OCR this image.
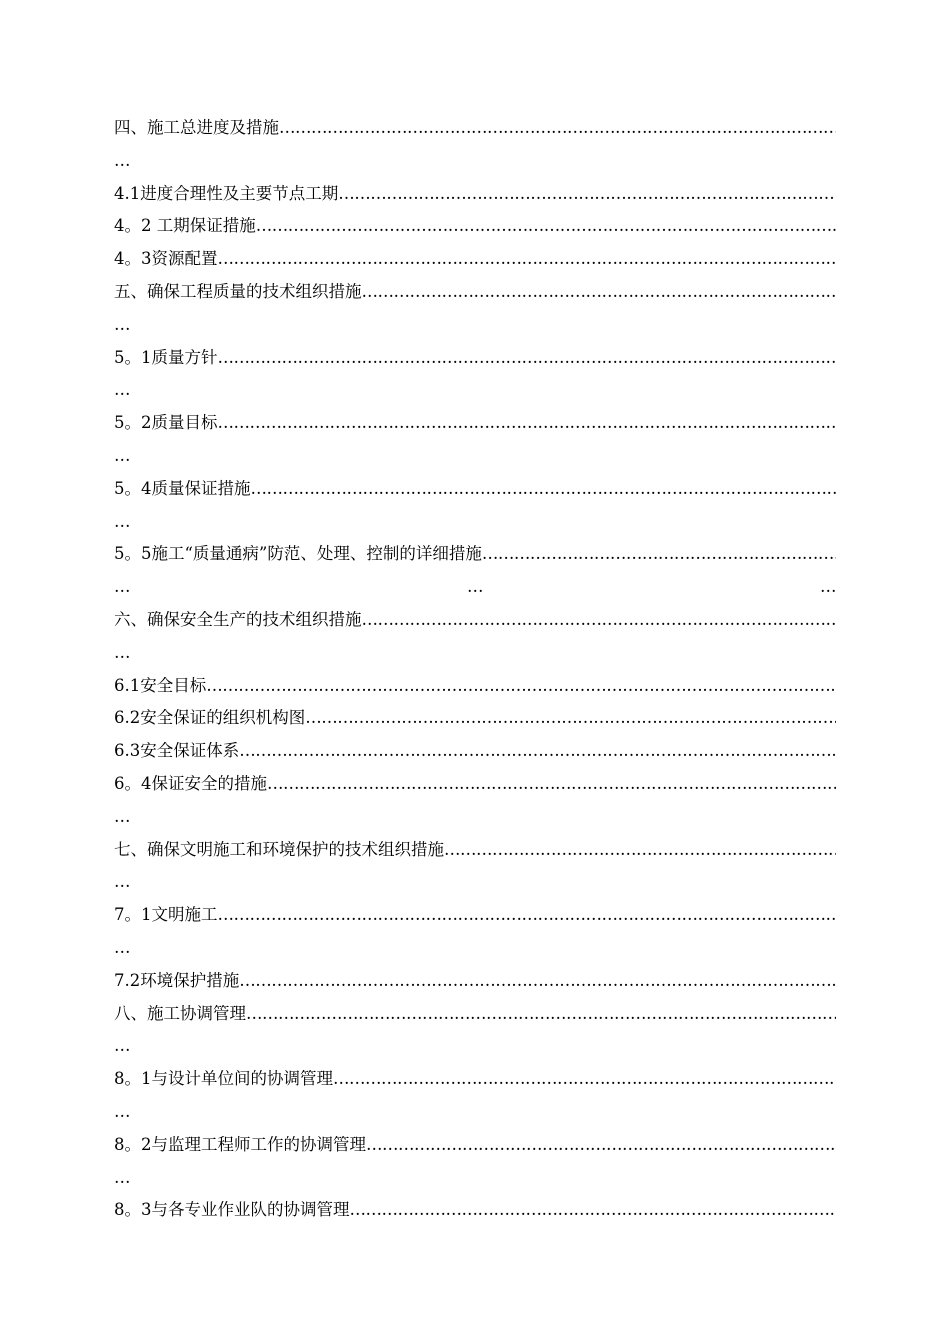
四、施工总进度及措施
……………………………………………………………………………………………………………………………………………………………………
…
4.1进度合理性及主要节点工期
……………………………………………………………………………………………………………………………………………………………………
4。2 工期保证措施
……………………………………………………………………………………………………………………………………………………………………
4。3资源配置
……………………………………………………………………………………………………………………………………………………………………
五、确保工程质量的技术组织措施
……………………………………………………………………………………………………………………………………………………………………
…
5。1质量方针
……………………………………………………………………………………………………………………………………………………………………
…
5。2质量目标
……………………………………………………………………………………………………………………………………………………………………
…
5。4质量保证措施
……………………………………………………………………………………………………………………………………………………………………
…
5。5施工“质量通病”防范、处理、控制的详细措施
……………………………………………………………………………………………………………………………………………………………………
…	…	…
六、确保安全生产的技术组织措施
……………………………………………………………………………………………………………………………………………………………………
…
6.1安全目标
……………………………………………………………………………………………………………………………………………………………………
6.2安全保证的组织机构图
……………………………………………………………………………………………………………………………………………………………………
6.3安全保证体系
……………………………………………………………………………………………………………………………………………………………………
6。4保证安全的措施
……………………………………………………………………………………………………………………………………………………………………
…
七、确保文明施工和环境保护的技术组织措施
……………………………………………………………………………………………………………………………………………………………………
…
7。1文明施工
……………………………………………………………………………………………………………………………………………………………………
…
7.2环境保护措施
……………………………………………………………………………………………………………………………………………………………………
八、施工协调管理
……………………………………………………………………………………………………………………………………………………………………
…
8。1与设计单位间的协调管理
……………………………………………………………………………………………………………………………………………………………………
…
8。2与监理工程师工作的协调管理
……………………………………………………………………………………………………………………………………………………………………
…
8。3与各专业作业队的协调管理
……………………………………………………………………………………………………………………………………………………………………
